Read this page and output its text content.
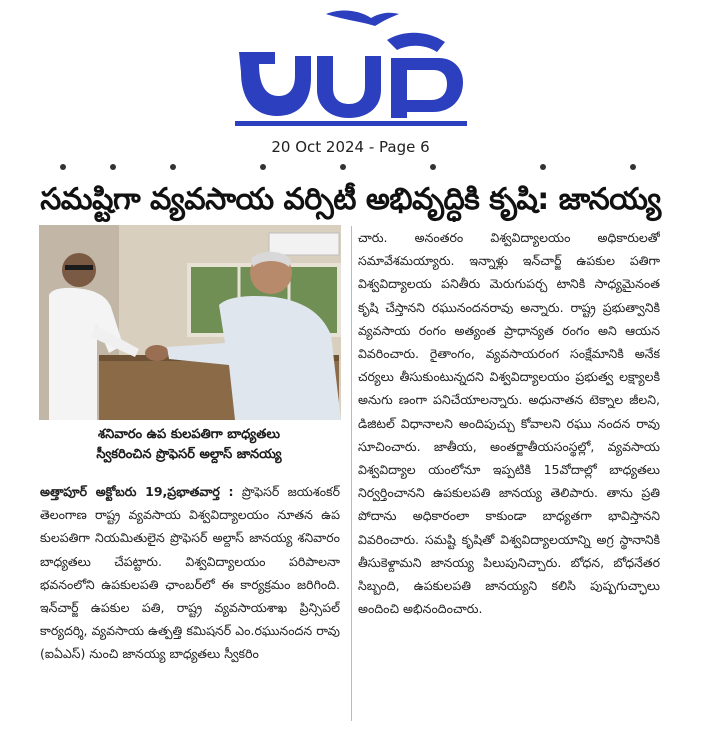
20 Oct 2024 - Page 6
సమష్టిగా వ్యవసాయ వర్సిటీ అభివృద్ధికి కృషి: జానయ్య
శనివారం ఉప కులపతిగా బాధ్యతలు
స్వీకరించిన ప్రొఫెసర్ అల్దాస్ జానయ్య
అత్తాపూర్ అక్టోబరు 19,ప్రభాతవార్త : ప్రొఫెసర్ జయశంకర్ తెలంగాణ రాష్ట్ర వ్యవసాయ విశ్వవిద్యాలయం నూతన ఉప కులపతిగా నియమితులైన ప్రొఫెసర్ అల్దాస్ జానయ్య శనివారం బాధ్యతలు చేపట్టారు. విశ్వవిద్యాలయం పరిపాలనా భవనంలోని ఉపకులపతి ఛాంబర్‌లో ఈ కార్యక్రమం జరిగింది. ఇన్‌చార్జ్ ఉపకుల పతి, రాష్ట్ర వ్యవసాయశాఖ ప్రిన్సిపల్ కార్యదర్శి, వ్యవసాయ ఉత్పత్తి కమిషనర్ ఎం.రఘునందన రావు (ఐఏఎస్) నుంచి జానయ్య బాధ్యతలు స్వీకరిం
చారు. అనంతరం విశ్వవిద్యాలయం అధికారులతో సమావేశమయ్యారు. ఇన్నాళ్లు ఇన్‌చార్జ్ ఉపకుల పతిగా విశ్వవిద్యాలయ పనితీరు మెరుగుపర్చ టానికి సాధ్యమైనంత కృషి చేస్తానని రఘునందనరావు అన్నారు. రాష్ట్ర ప్రభుత్వానికి వ్యవసాయ రంగం అత్యంత ప్రాధాన్యత రంగం అని ఆయన వివరించారు. రైతాంగం, వ్యవసాయరంగ సంక్షేమానికి అనేక చర్యలు తీసుకుంటున్నదని విశ్వవిద్యాలయం ప్రభుత్వ లక్ష్యాలకి అనుగు ణంగా పనిచేయాలన్నారు. అధునాతన టెక్నాల జీలని, డిజిటల్ విధానాలని అందిపుచ్చు కోవాలని రఘు నందన రావు సూచించారు. జాతీయ, అంతర్జాతీయసంస్థల్లో, వ్యవసాయ విశ్వవిద్యాల యంలోనూ ఇప్పటికి 15వోదాల్లో బాధ్యతలు నిర్వర్తించానని ఉపకులపతి జానయ్య తెలిపారు. తాను ప్రతి పోదాను అధికారంలా కాకుండా బాధ్యతగా భావిస్తానని వివరించారు. సమష్టి కృషితో విశ్వవిద్యాలయాన్ని అగ్ర స్థానానికి తీసుకెళ్దామని జానయ్య పిలుపునిచ్చారు. బోధన, బోధనేతర సిబ్బంది, ఉపకులపతి జానయ్యని కలిసి పుష్పగుచ్ఛాలు అందించి అభినందించారు.
